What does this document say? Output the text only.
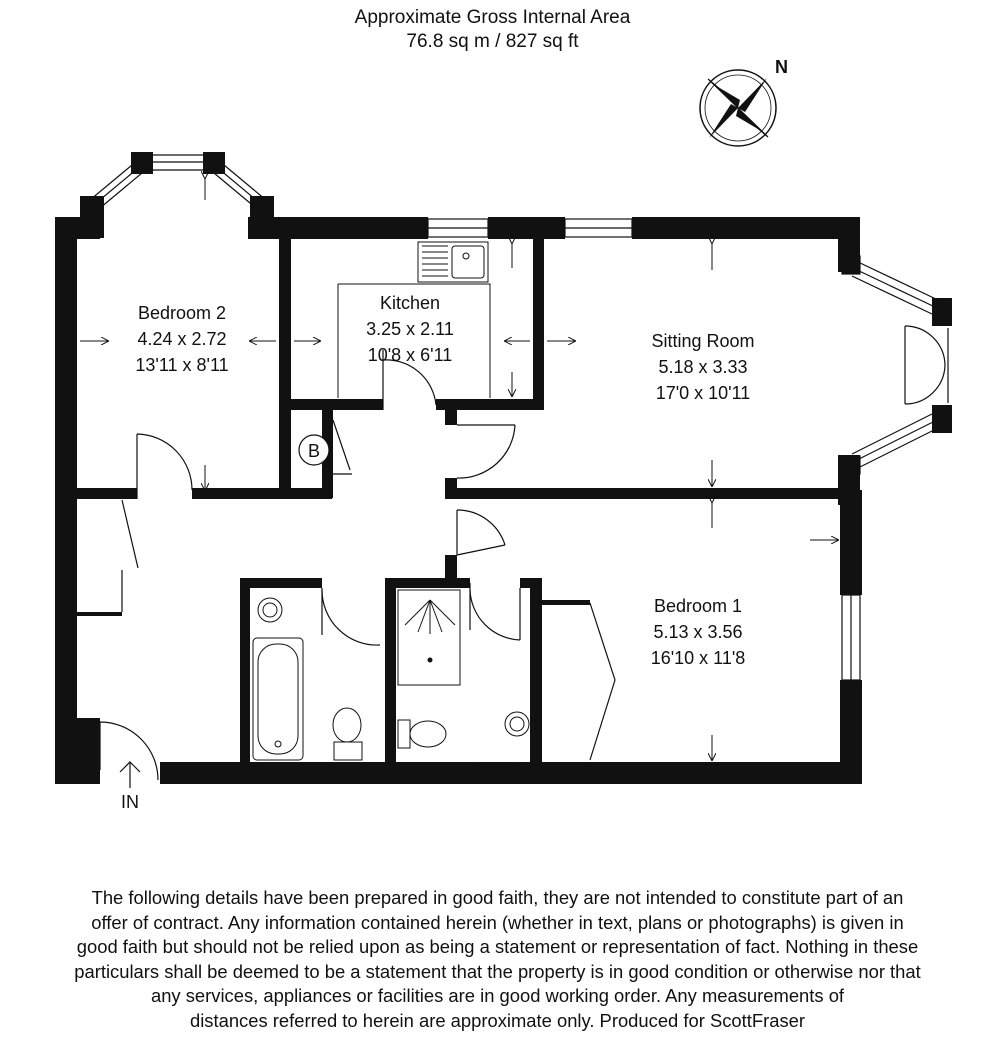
Approximate Gross Internal Area
76.8 sq m / 827 sq ft
N
B
IN
Bedroom 2
4.24 x 2.72
13'11 x 8'11
Kitchen
3.25 x 2.11
10'8 x 6'11
Sitting Room
5.18 x 3.33
17'0 x 10'11
Bedroom 1
5.13 x 3.56
16'10 x 11'8
The following details have been prepared in good faith, they are not intended to constitute part of an
offer of contract. Any information contained herein (whether in text, plans or photographs) is given in
good faith but should not be relied upon as being a statement or representation of fact. Nothing in these
particulars shall be deemed to be a statement that the property is in good condition or otherwise nor that
any services, appliances or facilities are in good working order. Any measurements of
distances referred to herein are approximate only. Produced for ScottFraser
